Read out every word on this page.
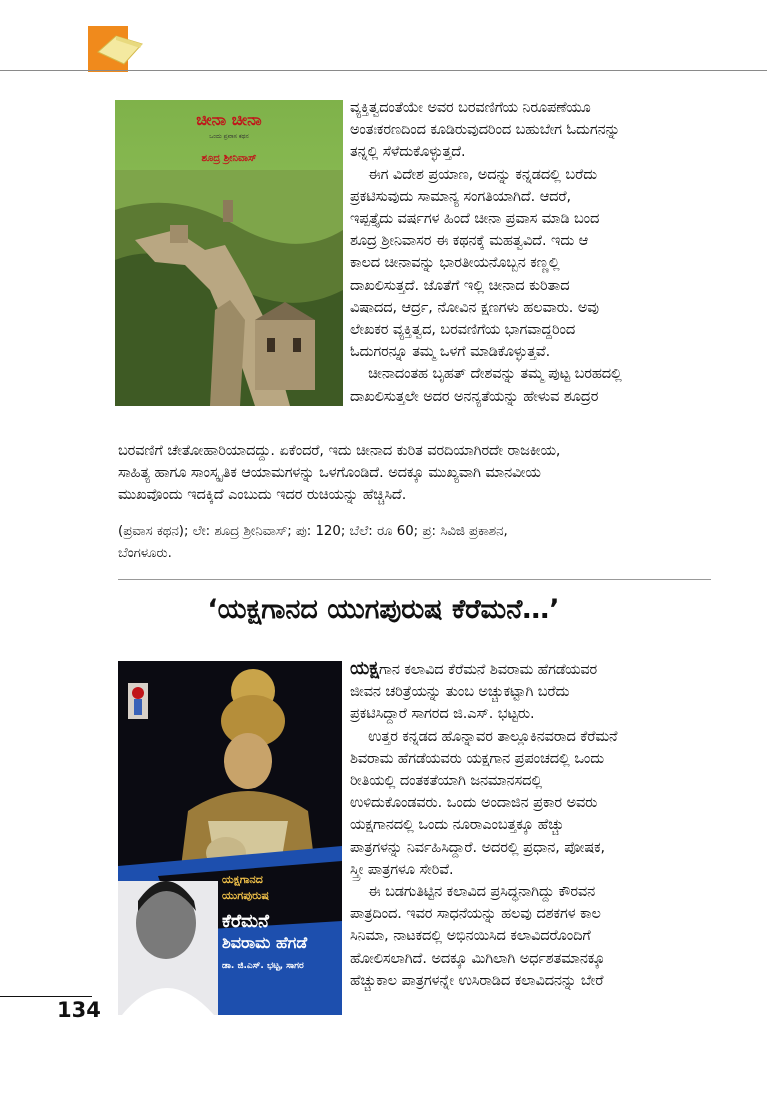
ಚೀನಾ ಚೀನಾ
ಒಂದು ಪ್ರವಾಸ ಕಥನ
ಶೂದ್ರ ಶ್ರೀನಿವಾಸ್
ವ್ಯಕ್ತಿತ್ವದಂತೆಯೇ ಅವರ ಬರವಣಿಗೆಯ ನಿರೂಪಣೆಯೂ
ಅಂತಃಕರಣದಿಂದ ಕೂಡಿರುವುದರಿಂದ ಬಹುಬೇಗ ಓದುಗನನ್ನು
ತನ್ನಲ್ಲಿ ಸೆಳೆದುಕೊಳ್ಳುತ್ತದೆ.
ಈಗ ವಿದೇಶ ಪ್ರಯಾಣ, ಅದನ್ನು ಕನ್ನಡದಲ್ಲಿ ಬರೆದು
ಪ್ರಕಟಿಸುವುದು ಸಾಮಾನ್ಯ ಸಂಗತಿಯಾಗಿದೆ. ಆದರೆ,
ಇಪ್ಪತ್ತೈದು ವರ್ಷಗಳ ಹಿಂದೆ ಚೀನಾ ಪ್ರವಾಸ ಮಾಡಿ ಬಂದ
ಶೂದ್ರ ಶ್ರೀನಿವಾಸರ ಈ ಕಥನಕ್ಕೆ ಮಹತ್ವವಿದೆ. ಇದು ಆ
ಕಾಲದ ಚೀನಾವನ್ನು ಭಾರತೀಯನೊಬ್ಬನ ಕಣ್ಣಲ್ಲಿ
ದಾಖಲಿಸುತ್ತದೆ. ಜೊತೆಗೆ ಇಲ್ಲಿ ಚೀನಾದ ಕುರಿತಾದ
ವಿಷಾದದ, ಆರ್ದ್ರ, ನೋವಿನ ಕ್ಷಣಗಳು ಹಲವಾರು. ಅವು
ಲೇಖಕರ ವ್ಯಕ್ತಿತ್ವದ, ಬರವಣಿಗೆಯ ಭಾಗವಾದ್ದರಿಂದ
ಓದುಗರನ್ನೂ ತಮ್ಮ ಒಳಗೆ ಮಾಡಿಕೊಳ್ಳುತ್ತವೆ.
ಚೀನಾದಂತಹ ಬೃಹತ್ ದೇಶವನ್ನು ತಮ್ಮ ಪುಟ್ಟ ಬರಹದಲ್ಲಿ
ದಾಖಲಿಸುತ್ತಲೇ ಅದರ ಅನನ್ಯತೆಯನ್ನು ಹೇಳುವ ಶೂದ್ರರ
ಬರವಣಿಗೆ ಚೇತೋಹಾರಿಯಾದದ್ದು. ಏಕೆಂದರೆ, ಇದು ಚೀನಾದ ಕುರಿತ ವರದಿಯಾಗಿರದೇ ರಾಜಕೀಯ,
ಸಾಹಿತ್ಯ ಹಾಗೂ ಸಾಂಸ್ಕೃತಿಕ ಆಯಾಮಗಳನ್ನು ಒಳಗೊಂಡಿದೆ. ಅದಕ್ಕೂ ಮುಖ್ಯವಾಗಿ ಮಾನವೀಯ
ಮುಖವೊಂದು ಇದಕ್ಕಿದೆ ಎಂಬುದು ಇದರ ರುಚಿಯನ್ನು ಹೆಚ್ಚಿಸಿದೆ.
(ಪ್ರವಾಸ ಕಥನ); ಲೇ: ಶೂದ್ರ ಶ್ರೀನಿವಾಸ್; ಪು: 120; ಬೆಲೆ: ರೂ 60; ಪ್ರ: ಸಿವಿಜಿ ಪ್ರಕಾಶನ,
ಬೆಂಗಳೂರು.
‘ಯಕ್ಷಗಾನದ ಯುಗಪುರುಷ ಕೆರೆಮನೆ…’
ಯಕ್ಷಗಾನದ
ಯುಗಪುರುಷ
ಕೆರೆಮನೆ
ಶಿವರಾಮ ಹೆಗಡೆ
ಡಾ. ಜಿ.ಎಸ್. ಭಟ್ಟ, ಸಾಗರ
ಯಕ್ಷಗಾನ ಕಲಾವಿದ ಕೆರೆಮನೆ ಶಿವರಾಮ ಹೆಗಡೆಯವರ
ಜೀವನ ಚರಿತ್ರೆಯನ್ನು ತುಂಬ ಅಚ್ಚುಕಟ್ಟಾಗಿ ಬರೆದು
ಪ್ರಕಟಿಸಿದ್ದಾರೆ ಸಾಗರದ ಜಿ.ಎಸ್. ಭಟ್ಟರು.
ಉತ್ತರ ಕನ್ನಡದ ಹೊನ್ನಾವರ ತಾಲ್ಲೂಕಿನವರಾದ ಕೆರೆಮನೆ
ಶಿವರಾಮ ಹೆಗಡೆಯವರು ಯಕ್ಷಗಾನ ಪ್ರಪಂಚದಲ್ಲಿ ಒಂದು
ರೀತಿಯಲ್ಲಿ ದಂತಕತೆಯಾಗಿ ಜನಮಾನಸದಲ್ಲಿ
ಉಳಿದುಕೊಂಡವರು. ಒಂದು ಅಂದಾಜಿನ ಪ್ರಕಾರ ಅವರು
ಯಕ್ಷಗಾನದಲ್ಲಿ ಒಂದು ನೂರಾಎಂಬತ್ತಕ್ಕೂ ಹೆಚ್ಚು
ಪಾತ್ರಗಳನ್ನು ನಿರ್ವಹಿಸಿದ್ದಾರೆ. ಅದರಲ್ಲಿ ಪ್ರಧಾನ, ಪೋಷಕ,
ಸ್ತ್ರೀ ಪಾತ್ರಗಳೂ ಸೇರಿವೆ.
ಈ ಬಡಗುತಿಟ್ಟಿನ ಕಲಾವಿದ ಪ್ರಸಿದ್ಧನಾಗಿದ್ದು ಕೌರವನ
ಪಾತ್ರದಿಂದ. ಇವರ ಸಾಧನೆಯನ್ನು ಹಲವು ದಶಕಗಳ ಕಾಲ
ಸಿನಿಮಾ, ನಾಟಕದಲ್ಲಿ ಅಭಿನಯಿಸಿದ ಕಲಾವಿದರೊಂದಿಗೆ
ಹೋಲಿಸಲಾಗಿದೆ. ಅದಕ್ಕೂ ಮಿಗಿಲಾಗಿ ಅರ್ಧಶತಮಾನಕ್ಕೂ
ಹೆಚ್ಚುಕಾಲ ಪಾತ್ರಗಳನ್ನೇ ಉಸಿರಾಡಿದ ಕಲಾವಿದನನ್ನು ಬೇರೆ
134
